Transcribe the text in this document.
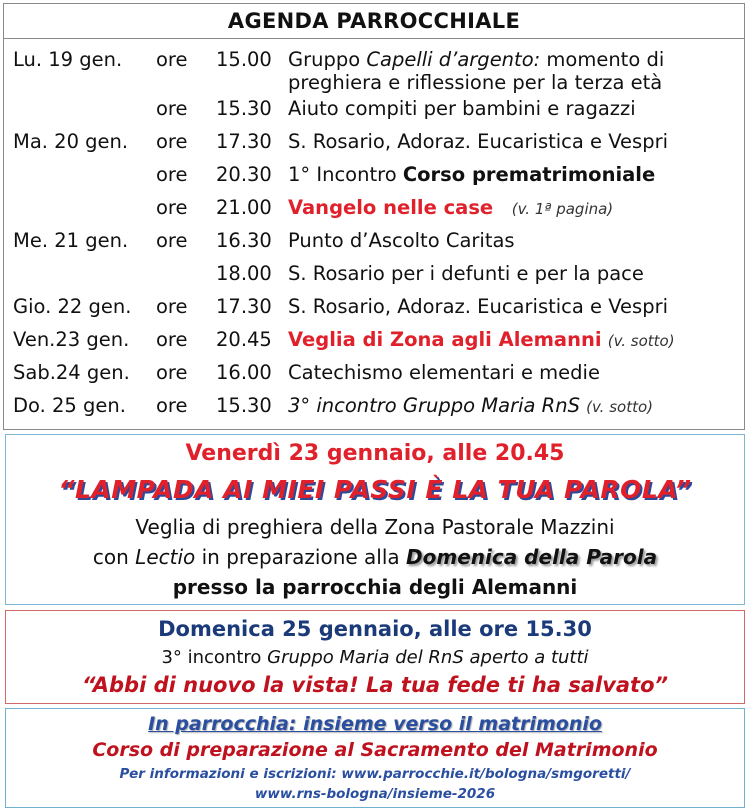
AGENDA PARROCCHIALE
Lu. 19 gen. ore 15.00 Gruppo Capelli d’argento: momento di
preghiera e riflessione per la terza età
ore 15.30 Aiuto compiti per bambini e ragazzi
Ma. 20 gen. ore 17.30 S. Rosario, Adoraz. Eucaristica e Vespri
ore 20.30 1° Incontro Corso prematrimoniale
ore 21.00 Vangelo nelle case (v. 1ª pagina)
Me. 21 gen. ore 16.30 Punto d’Ascolto Caritas
18.00 S. Rosario per i defunti e per la pace
Gio. 22 gen. ore 17.30 S. Rosario, Adoraz. Eucaristica e Vespri
Ven.23 gen. ore 20.45 Veglia di Zona agli Alemanni (v. sotto)
Sab.24 gen. ore 16.00 Catechismo elementari e medie
Do. 25 gen. ore 15.30 3° incontro Gruppo Maria RnS (v. sotto)
Venerdì 23 gennaio, alle 20.45
“LAMPADA AI MIEI PASSI È LA TUA PAROLA”
Veglia di preghiera della Zona Pastorale Mazzini
con Lectio in preparazione alla Domenica della Parola
presso la parrocchia degli Alemanni
Domenica 25 gennaio, alle ore 15.30
3° incontro Gruppo Maria del RnS aperto a tutti
“Abbi di nuovo la vista! La tua fede ti ha salvato”
In parrocchia: insieme verso il matrimonio
Corso di preparazione al Sacramento del Matrimonio
Per informazioni e iscrizioni: www.parrocchie.it/bologna/smgoretti/
www.rns-bologna/insieme-2026
